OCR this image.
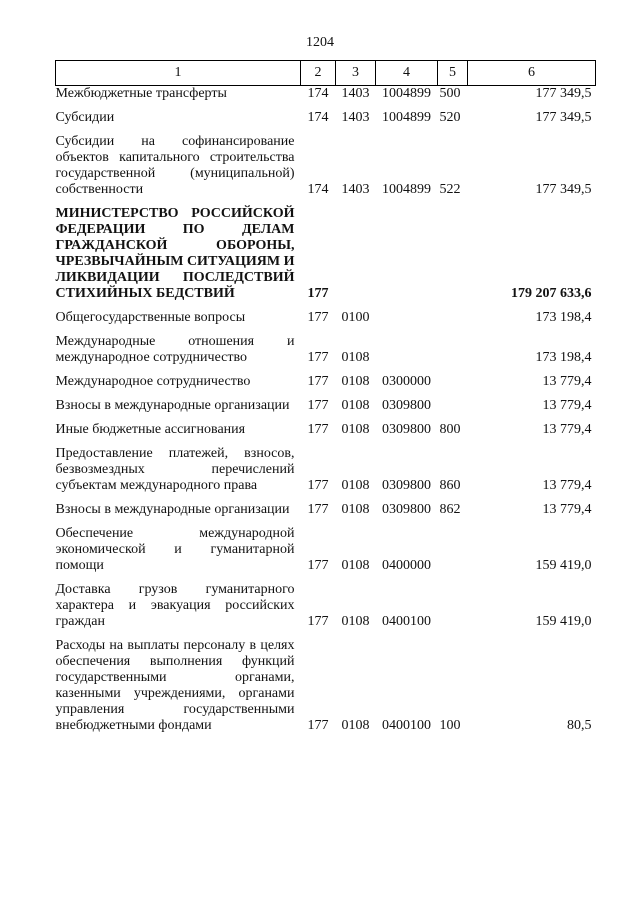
1204
1	2	3	4	5	6
Межбюджетные трансферты	174	1403	1004899	500	177 349,5
Субсидии	174	1403	1004899	520	177 349,5
Субсидии на софинансирование объектов капитального строительства государственной (муниципальной) собственности	174	1403	1004899	522	177 349,5
МИНИСТЕРСТВО РОССИЙСКОЙ ФЕДЕРАЦИИ ПО ДЕЛАМ ГРАЖДАНСКОЙ ОБОРОНЫ, ЧРЕЗВЫЧАЙНЫМ СИТУАЦИЯМ И ЛИКВИДАЦИИ ПОСЛЕДСТВИЙ СТИХИЙНЫХ БЕДСТВИЙ	177				179 207 633,6
Общегосударственные вопросы	177	0100			173 198,4
Международные отношения и международное сотрудничество	177	0108			173 198,4
Международное сотрудничество	177	0108	0300000		13 779,4
Взносы в международные организации	177	0108	0309800		13 779,4
Иные бюджетные ассигнования	177	0108	0309800	800	13 779,4
Предоставление платежей, взносов, безвозмездных перечислений субъектам международного права	177	0108	0309800	860	13 779,4
Взносы в международные организации	177	0108	0309800	862	13 779,4
Обеспечение международной экономической и гуманитарной помощи	177	0108	0400000		159 419,0
Доставка грузов гуманитарного характера и эвакуация российских граждан	177	0108	0400100		159 419,0
Расходы на выплаты персоналу в целях обеспечения выполнения функций государственными органами, казенными учреждениями, органами управления государственными внебюджетными фондами	177	0108	0400100	100	80,5
